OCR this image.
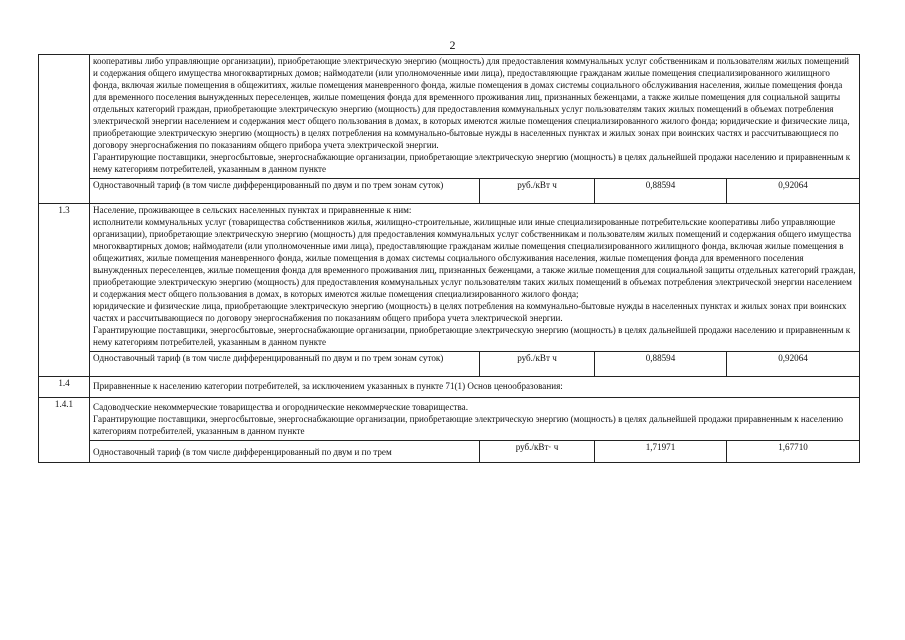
2

	кооперативы либо управляющие организации), приобретающие электрическую энергию (мощность) для предоставления коммунальных услуг собственникам и пользователям жилых помещений и содержания общего имущества многоквартирных домов; наймодатели (или уполномоченные ими лица), предоставляющие гражданам жилые помещения специализированного жилищного фонда, включая жилые помещения в общежитиях, жилые помещения маневренного фонда, жилые помещения в домах системы социального обслуживания населения, жилые помещения фонда для временного поселения вынужденных переселенцев, жилые помещения фонда для временного проживания лиц, признанных беженцами, а также жилые помещения для социальной защиты отдельных категорий граждан, приобретающие электрическую энергию (мощность) для предоставления коммунальных услуг пользователям таких жилых помещений в объемах потребления электрической энергии населением и содержания мест общего пользования в домах, в которых имеются жилые помещения специализированного жилого фонда; юридические и физические лица, приобретающие электрическую энергию (мощность) в целях потребления на коммунально-бытовые нужды в населенных пунктах и жилых зонах при воинских частях и рассчитывающиеся по договору энергоснабжения по показаниям общего прибора учета электрической энергии.
Гарантирующие поставщики, энергосбытовые, энергоснабжающие организации, приобретающие электрическую энергию (мощность) в целях дальнейшей продажи населению и приравненным к нему категориям потребителей, указанным в данном пункте			

	Одноставочный тариф (в том числе дифференцированный по двум и по трем зонам суток)	руб./кВт ч	0,88594	0,92064
1.3	Население, проживающее в сельских населенных пунктах и приравненные к ним:
исполнители коммунальных услуг (товарищества собственников жилья, жилищно-строительные, жилищные или иные специализированные потребительские кооперативы либо управляющие организации), приобретающие электрическую энергию (мощность) для предоставления коммунальных услуг собственникам и пользователям жилых помещений и содержания общего имущества многоквартирных домов; наймодатели (или уполномоченные ими лица), предоставляющие гражданам жилые помещения специализированного жилищного фонда, включая жилые помещения в общежитиях, жилые помещения маневренного фонда, жилые помещения в домах системы социального обслуживания населения, жилые помещения фонда для временного поселения вынужденных переселенцев, жилые помещения фонда для временного проживания лиц, признанных беженцами, а также жилые помещения для социальной защиты отдельных категорий граждан, приобретающие электрическую энергию (мощность) для предоставления коммунальных услуг пользователям таких жилых помещений в объемах потребления электрической энергии населением и содержания мест общего пользования в домах, в которых имеются жилые помещения специализированного жилого фонда;
юридические и физические лица, приобретающие электрическую энергию (мощность) в целях потребления на коммунально-бытовые нужды в населенных пунктах и жилых зонах при воинских частях и рассчитывающиеся по договору энергоснабжения по показаниям общего прибора учета электрической энергии.
Гарантирующие поставщики, энергосбытовые, энергоснабжающие организации, приобретающие электрическую энергию (мощность) в целях дальнейшей продажи населению и приравненным к нему категориям потребителей, указанным в данном пункте			

	Одноставочный тариф (в том числе дифференцированный по двум и по трем зонам суток)	руб./кВт ч	0,88594	0,92064
1.4	Приравненные к населению категории потребителей, за исключением указанных в пункте 71(1) Основ ценообразования:			

1.4.1	Садоводческие некоммерческие товарищества и огороднические некоммерческие товарищества.
Гарантирующие поставщики, энергосбытовые, энергоснабжающие организации, приобретающие электрическую энергию (мощность) в целях дальнейшей продажи приравненным к населению категориям потребителей, указанным в данном пункте			

	Одноставочный тариф (в том числе дифференцированный по двум и по трем	руб./кВт· ч	1,71971	1,67710
